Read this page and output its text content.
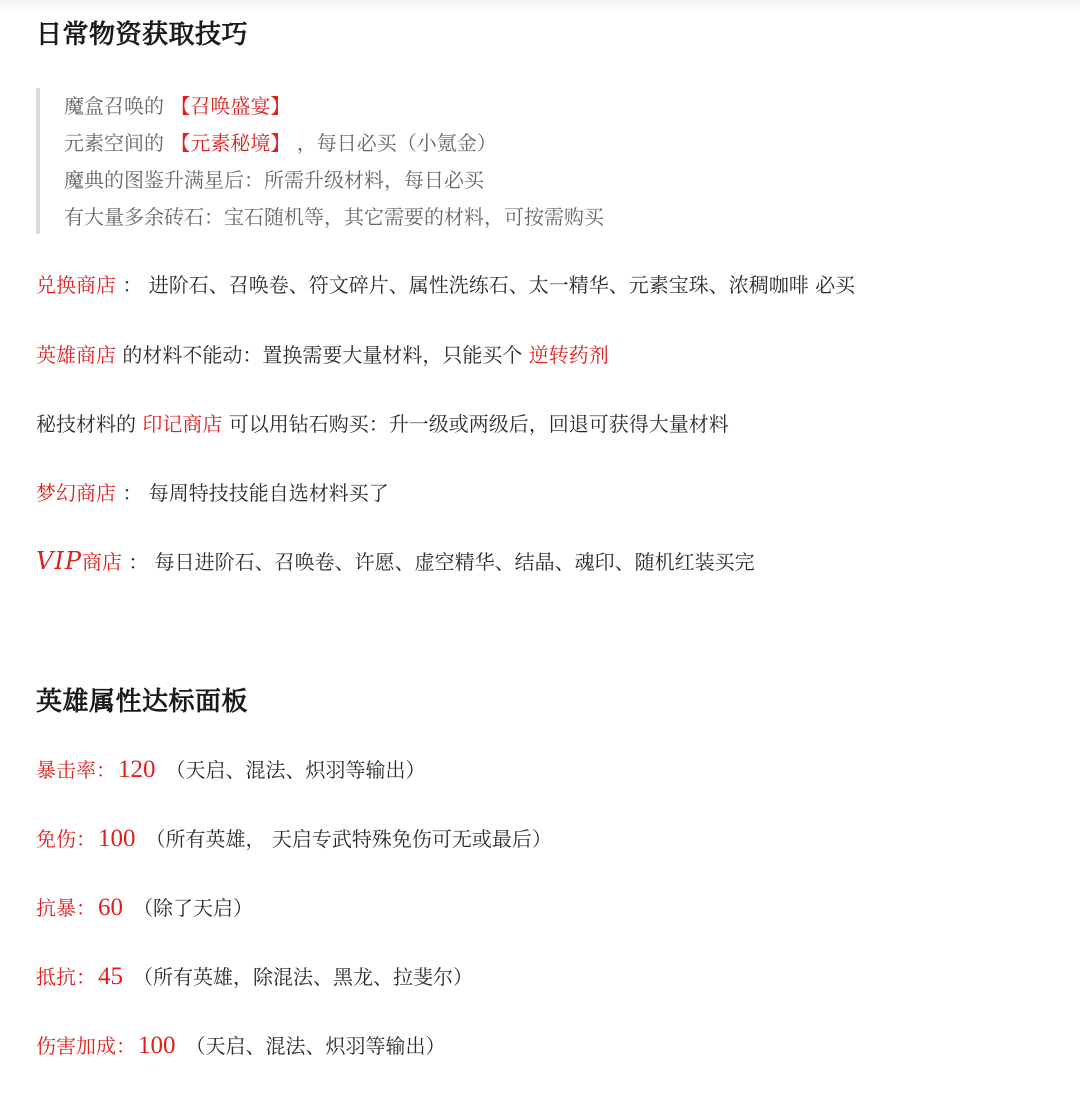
日常物资获取技巧
魔盒召唤的 【召唤盛宴】
元素空间的 【元素秘境】 ，每日必买（小氪金）
魔典的图鉴升满星后：所需升级材料，每日必买
有大量多余砖石：宝石随机等，其它需要的材料，可按需购买
兑换商店 ： 进阶石、召唤卷、符文碎片、属性洗练石、太一精华、元素宝珠、浓稠咖啡 必买
英雄商店 的材料不能动：置换需要大量材料，只能买个 逆转药剂
秘技材料的 印记商店 可以用钻石购买：升一级或两级后，回退可获得大量材料
梦幻商店 ： 每周特技技能自选材料买了
VIP商店 ： 每日进阶石、召唤卷、许愿、虚空精华、结晶、魂印、随机红装买完
英雄属性达标面板
暴击率：120 （天启、混法、炽羽等输出）
免伤：100 （所有英雄， 天启专武特殊免伤可无或最后）
抗暴：60 （除了天启）
抵抗：45 （所有英雄，除混法、黑龙、拉斐尔）
伤害加成：100 （天启、混法、炽羽等输出）
